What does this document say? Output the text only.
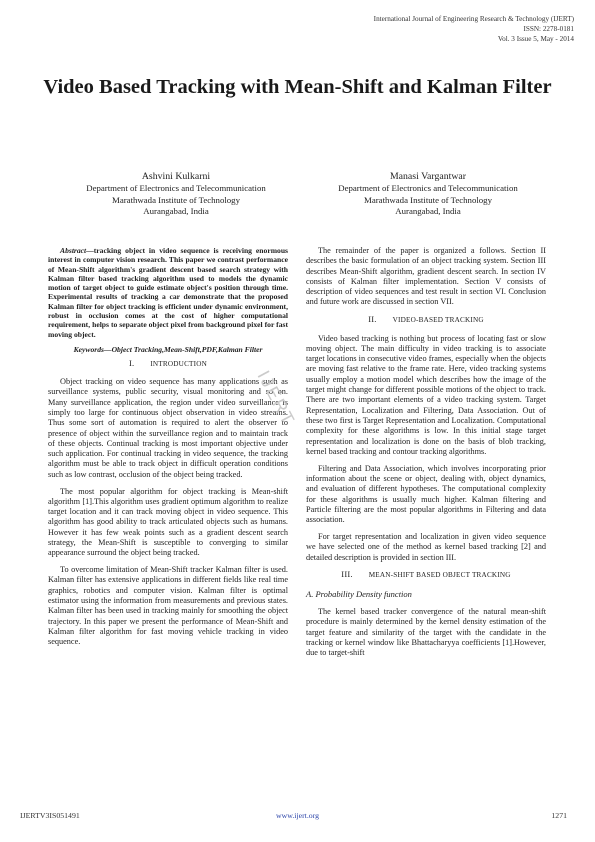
International Journal of Engineering Research & Technology (IJERT)
ISSN: 2278-0181
Vol. 3 Issue 5, May - 2014
Video Based Tracking with Mean-Shift and Kalman Filter
Ashvini Kulkarni
Department of Electronics and Telecommunication
Marathwada Institute of Technology
Aurangabad, India
Manasi Vargantwar
Department of Electronics and Telecommunication
Marathwada Institute of Technology
Aurangabad, India

Abstract—tracking object in video sequence is receiving enormous interest in computer vision research. This paper we contrast performance of Mean-Shift algorithm's gradient descent based search strategy with Kalman filter based tracking algorithm used to models the dynamic motion of target object to guide estimate object's position through time. Experimental results of tracking a car demonstrate that the proposed Kalman filter for object tracking is efficient under dynamic environment, robust in occlusion comes at the cost of higher computational requirement, helps to separate object pixel from background pixel for fast moving object.

Keywords—Object Tracking,Mean-Shift,PDF,Kalman Filter
I. INTRODUCTION

Object tracking on video sequence has many applications such as surveillance systems, public security, visual monitoring and so on. Many surveillance application, the region under video surveillance is simply too large for continuous object observation in video streams. Thus some sort of automation is required to alert the observer to presence of object within the surveillance region and to maintain track of these objects. Continual tracking is most important objective under such application. For continual tracking in video sequence, the tracking algorithm must be able to track object in difficult operation conditions such as low contrast, occlusion of the object being tracked.

The most popular algorithm for object tracking is Mean-shift algorithm [1].This algorithm uses gradient optimum algorithm to realize target location and it can track moving object in video sequence. This algorithm has good ability to track articulated objects such as humans. However it has few weak points such as a gradient descent search strategy, the Mean-Shift is susceptible to converging to similar appearance surround the object being tracked.

To overcome limitation of Mean-Shift tracker Kalman filter is used. Kalman filter has extensive applications in different fields like real time graphics, robotics and computer vision. Kalman filter is optimal estimator using the information from measurements and previous states. Kalman filter has been used in tracking mainly for smoothing the object trajectory. In this paper we present the performance of Mean-Shift and Kalman filter algorithm for fast moving vehicle tracking in video sequence.

The remainder of the paper is organized a follows. Section II describes the basic formulation of an object tracking system. Section III describes Mean-Shift algorithm, gradient descent search. In section IV consists of Kalman filter implementation. Section V consists of description of video sequences and test result in section VI. Conclusion and future work are discussed in section VII.

II. VIDEO-BASED TRACKING

Video based tracking is nothing but process of locating fast or slow moving object. The main difficulty in video tracking is to associate target locations in consecutive video frames, especially when the objects are moving fast relative to the frame rate. Here, video tracking systems usually employ a motion model which describes how the image of the target might change for different possible motions of the object to track. There are two important elements of a video tracking system. Target Representation, Localization and Filtering, Data Association. Out of these two first is Target Representation and Localization. Computational complexity for these algorithms is low. In this initial stage target representation and localization is done on the basis of blob tracking, kernel based tracking and contour tracking algorithms.

Filtering and Data Association, which involves incorporating prior information about the scene or object, dealing with, object dynamics, and evaluation of different hypotheses. The computational complexity for these algorithms is usually much higher. Kalman filtering and Particle filtering are the most popular algorithms in Filtering and data association.

For target representation and localization in given video sequence we have selected one of the method as kernel based tracking [2] and detailed description is provided in section III.

III. MEAN-SHIFT BASED OBJECT TRACKING
A. Probability Density function

The kernel based tracker convergence of the natural mean-shift procedure is mainly determined by the kernel density estimation of the target feature and similarity of the target with the candidate in the tracking or kernel window like Bhattacharyya coefficients [1].However, due to target-shift

IJERT
IJERTV3IS051491	www.ijert.org	1271
